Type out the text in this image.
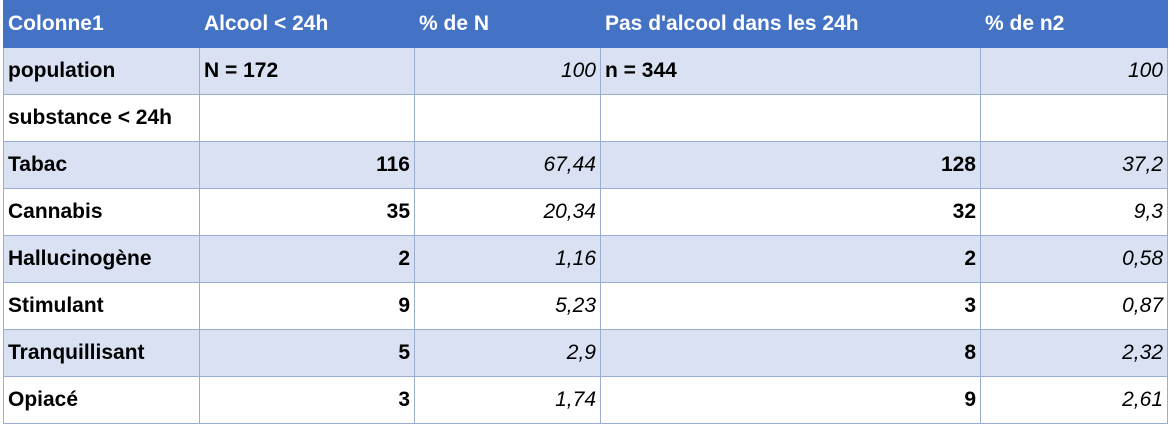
Colonne1	Alcool < 24h	% de N	Pas d'alcool dans les 24h	% de n2
population	N = 172	100	n = 344	100
substance < 24h				
Tabac	116	67,44	128	37,2
Cannabis	35	20,34	32	9,3
Hallucinogène	2	1,16	2	0,58
Stimulant	9	5,23	3	0,87
Tranquillisant	5	2,9	8	2,32
Opiacé	3	1,74	9	2,61
